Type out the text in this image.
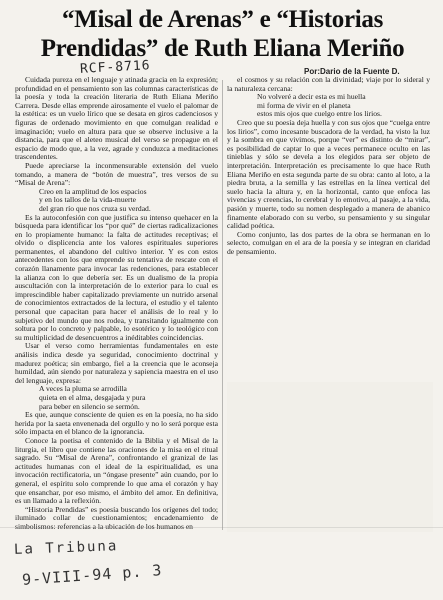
“Misal de Arenas” e “Historias Prendidas” de Ruth Eliana Meriño
RCF-8716	Por:Dario de la Fuente D.

Cuidada pureza en el lenguaje y atinada gracia en la expresión; profundidad en el pensamiento son las columnas características de la poesía y toda la creación literaria de Ruth Eliana Meriño Carrera. Desde ellas emprende airosamente el vuelo el palomar de la estética: es un vuelo lírico que se desata en giros cadenciosos y figuras de ordenado movimiento en que comulgan realidad e imaginación; vuelo en altura para que se observe inclusive a la distancia, para que el aleteo musical del verso se propague en el espacio de modo que, a la vez, agrade y conduzca a meditaciones trascendentes.

Puede apreciarse la inconmensurable extensión del vuelo tomando, a manera de “botón de muestra”, tres versos de su “Misal de Arena”:

Creo en la amplitud de los espacios

y en los tallos de la vida-muerte

del gran río que nos cruza su verdad.

Es la autoconfesión con que justifica su intenso quehacer en la búsqueda para identificar los “por qué” de ciertas radicalizaciones en lo propiamente humano: la falta de actitudes receptivas; el olvido o displicencia ante los valores espirituales superiores permanentes, el abandono del cultivo interior. Y es con estos antecedentes con los que emprende su tentativa de rescate con el corazón llanamente para invocar las redenciones, para establecer la alianza con lo que debería ser. Es un dualismo de la propia auscultación con la interpretación de lo exterior para lo cual es imprescindible haber capitalizado previamente un nutrido arsenal de conocimientos extractados de la lectura, el estudio y el talento personal que capacitan para hacer el análisis de lo real y lo subjetivo del mundo que nos rodea, y transitando igualmente con soltura por lo concreto y palpable, lo esotérico y lo teológico con su multiplicidad de desencuentros a inéditables coincidencias.

Usar el verso como herramientas fundamentales en este análisis indica desde ya seguridad, conocimiento doctrinal y madurez poética; sin embargo, fiel a la creencia que le aconseja humildad, aún siendo por naturaleza y sapiencia maestra en el uso del lenguaje, expresa:

A veces la pluma se arrodilla

quieta en el alma, desgajada y pura

para beber en silencio se sermón.

Es que, aunque consciente de quien es en la poesía, no ha sido herida por la saeta envenenada del orgullo y no lo será porque esta sólo impacta en el blanco de la ignorancia.

Conoce la poetisa el contenido de la Biblia y el Misal de la liturgia, el libro que contiene las oraciones de la misa en el ritual sagrado. Su “Misal de Arena”, confrontando el granizal de las actitudes humanas con el ideal de la espiritualidad, es una invocación rectificatoria, un “óngase presente” aún cuando, por lo general, el espíritu solo comprende lo que ama el corazón y hay que ensanchar, por eso mismo, el ámbito del amor. En definitiva, es un llamado a la reflexión.

“Historia Prendidas” es poesía buscando los orígenes del todo; iluminado collar de cuestionamientos; encadenamiento de simbolismos: referencias a la ubicación de los humanos en

el cosmos y su relación con la divinidad; viaje por lo sideral y la naturaleza cercana:

No volveré a decir esta es mi huella

mi forma de vivir en el planeta

estos mis ojos que cuelgo entre los lirios.

Creo que su poesía deja huella y con sus ojos que “cuelga entre los lirios”, como incesante buscadora de la verdad, ha visto la luz y la sombra en que vivimos, porque “ver” es distinto de “mirar”, es posibilidad de captar lo que a veces permanece oculto en las tinieblas y sólo se devela a los elegidos para ser objeto de interpretación. Interpretación es precisamente lo que hace Ruth Eliana Meriño en esta segunda parte de su obra: canto al loto, a la piedra bruta, a la semilla y las estrellas en la línea vertical del suelo hacia la altura y, en la horizontal, canto que enfoca las vivencias y creencias, lo cerebral y lo emotivo, al pasaje, a la vida, pasión y muerte, todo su nomen desplegado a manera de abanico finamente elaborado con su verbo, su pensamiento y su singular calidad poética.

Como conjunto, las dos partes de la obra se hermanan en lo selecto, comulgan en el ara de la poesía y se integran en claridad de pensamiento.

La Tribuna
9-VIII-94 p. 3
